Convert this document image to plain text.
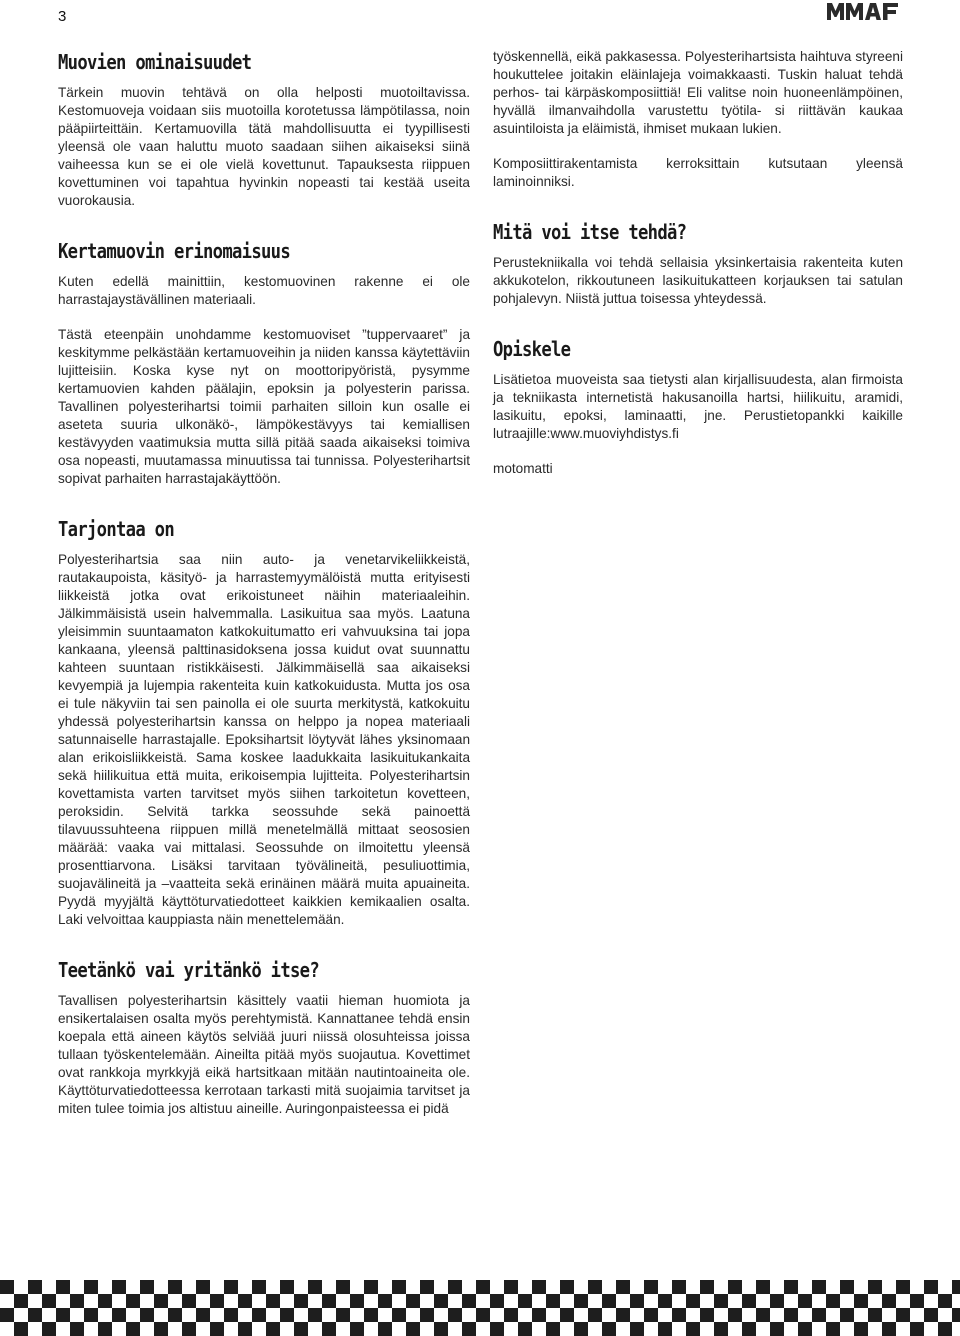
3
Muovien ominaisuudet

Tärkein muovin tehtävä on olla helposti muotoiltavissa. Kestomuoveja voidaan siis muotoilla korotetussa lämpötilassa, noin pääpiirteittäin. Kertamuovilla tätä mahdollisuutta ei tyypillisesti yleensä ole vaan haluttu muoto saadaan siihen aikaiseksi siinä vaiheessa kun se ei ole vielä kovettunut. Tapauksesta riippuen kovettuminen voi tapahtua hyvinkin nopeasti tai kestää useita vuorokausia.

Kertamuovin erinomaisuus

Kuten edellä mainittiin, kestomuovinen rakenne ei ole harrastajaystävällinen materiaali.

Tästä eteenpäin unohdamme kestomuoviset ”tuppervaaret” ja keskitymme pelkästään kertamuoveihin ja niiden kanssa käytettäviin lujitteisiin. Koska kyse nyt on moottoripyöristä, pysymme kertamuovien kahden päälajin, epoksin ja polyesterin parissa. Tavallinen polyesterihartsi toimii parhaiten silloin kun osalle ei aseteta suuria ulkonäkö-, lämpökestävyys tai kemiallisen kestävyyden vaatimuksia mutta sillä pitää saada aikaiseksi toimiva osa nopeasti, muutamassa minuutissa tai tunnissa. Polyesterihartsit sopivat parhaiten harrastajakäyttöön.

Tarjontaa on

Polyesterihartsia saa niin auto- ja venetarvikeliikkeistä, rautakaupoista, käsityö- ja harrastemyymälöistä mutta erityisesti liikkeistä jotka ovat erikoistuneet näihin materiaaleihin. Jälkimmäisistä usein halvemmalla. Lasikuitua saa myös. Laatuna yleisimmin suuntaamaton katkokuitumatto eri vahvuuksina tai jopa kankaana, yleensä palttinasidoksena jossa kuidut ovat suunnattu kahteen suuntaan ristikkäisesti. Jälkimmäisellä saa aikaiseksi kevyempiä ja lujempia rakenteita kuin katkokuidusta. Mutta jos osa ei tule näkyviin tai sen painolla ei ole suurta merkitystä, katkokuitu yhdessä polyesterihartsin kanssa on helppo ja nopea materiaali satunnaiselle harrastajalle. Epoksihartsit löytyvät lähes yksinomaan alan erikoisliikkeistä. Sama koskee laadukkaita lasikuitukankaita sekä hiilikuitua että muita, erikoisempia lujitteita. Polyesterihartsin kovettamista varten tarvitset myös siihen tarkoitetun kovetteen, peroksidin. Selvitä tarkka seossuhde sekä painoettä tilavuussuhteena riippuen millä menetelmällä mittaat seososien määrää: vaaka vai mittalasi. Seossuhde on ilmoitettu yleensä prosenttiarvona. Lisäksi tarvitaan työvälineitä, pesuliuottimia, suojavälineitä ja –vaatteita sekä erinäinen määrä muita apuaineita. Pyydä myyjältä käyttöturvatiedotteet kaikkien kemikaalien osalta. Laki velvoittaa kauppiasta näin menettelemään.

Teetänkö vai yritänkö itse?

Tavallisen polyesterihartsin käsittely vaatii hieman huomiota ja ensikertalaisen osalta myös perehtymistä. Kannattanee tehdä ensin koepala että aineen käytös selviää juuri niissä olosuhteissa joissa tullaan työskentelemään. Aineilta pitää myös suojautua. Kovettimet ovat rankkoja myrkkyjä eikä hartsitkaan mitään nautintoaineita ole. Käyttöturvatiedotteessa kerrotaan tarkasti mitä suojaimia tarvitset ja miten tulee toimia jos altistuu aineille. Auringonpaisteessa ei pidä

työskennellä, eikä pakkasessa. Polyesterihartsista haihtuva styreeni houkuttelee joitakin eläinlajeja voimakkaasti. Tuskin haluat tehdä perhos- tai kärpäskomposiittiä! Eli valitse noin huoneenlämpöinen, hyvällä ilmanvaihdolla varustettu työtila- si riittävän kaukaa asuintiloista ja eläimistä, ihmiset mukaan lukien.

Komposiittirakentamista kerroksittain kutsutaan yleensä laminoinniksi.

Mitä voi itse tehdä?

Perustekniikalla voi tehdä sellaisia yksinkertaisia rakenteita kuten akkukotelon, rikkoutuneen lasikuitukatteen korjauksen tai satulan pohjalevyn. Niistä juttua toisessa yhteydessä.

Opiskele

Lisätietoa muoveista saa tietysti alan kirjallisuudesta, alan firmoista ja tekniikasta internetistä hakusanoilla hartsi, hiilikuitu, aramidi, lasikuitu, epoksi, laminaatti, jne. Perustietopankki kaikille lutraajille:www.muoviyhdistys.fi

motomatti
